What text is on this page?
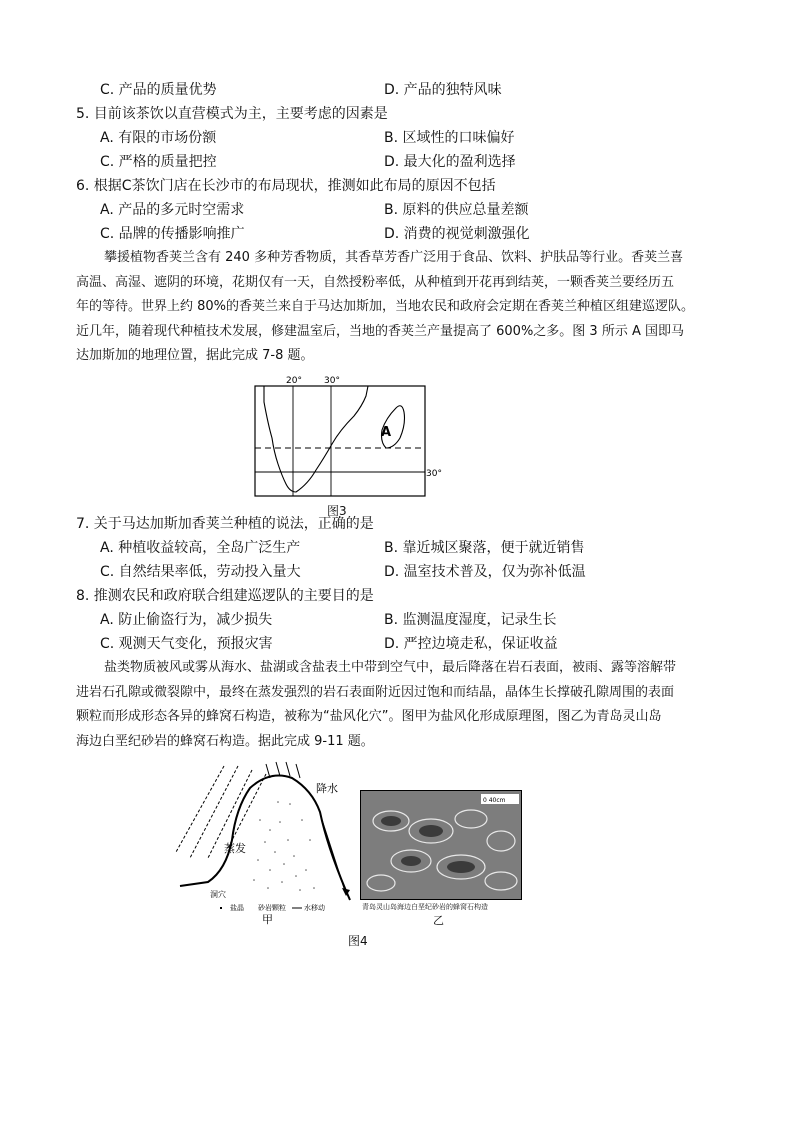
C. 产品的质量优势	D. 产品的独特风味
5. 目前该茶饮以直营模式为主，主要考虑的因素是
A. 有限的市场份额	B. 区域性的口味偏好
C. 严格的质量把控	D. 最大化的盈利选择
6. 根据C茶饮门店在长沙市的布局现状，推测如此布局的原因不包括
A. 产品的多元时空需求	B. 原料的供应总量差额
C. 品牌的传播影响推广	D. 消费的视觉刺激强化
攀援植物香荚兰含有 240 多种芳香物质，其香草芳香广泛用于食品、饮料、护肤品等行业。香荚兰喜
高温、高湿、遮阴的环境，花期仅有一天，自然授粉率低，从种植到开花再到结荚，一颗香荚兰要经历五
年的等待。世界上约 80%的香荚兰来自于马达加斯加，当地农民和政府会定期在香荚兰种植区组建巡逻队。
近几年，随着现代种植技术发展，修建温室后，当地的香荚兰产量提高了 600%之多。图 3 所示 A 国即马
达加斯加的地理位置，据此完成 7-8 题。
20° 30°
30°
A
图3
7. 关于马达加斯加香荚兰种植的说法，正确的是
A. 种植收益较高，全岛广泛生产	B. 靠近城区聚落，便于就近销售
C. 自然结果率低，劳动投入量大	D. 温室技术普及，仅为弥补低温
8. 推测农民和政府联合组建巡逻队的主要目的是
A. 防止偷盗行为，减少损失	B. 监测温度湿度，记录生长
C. 观测天气变化，预报灾害	D. 严控边境走私，保证收益
盐类物质被风或雾从海水、盐湖或含盐表土中带到空气中，最后降落在岩石表面，被雨、露等溶解带
进岩石孔隙或微裂隙中，最终在蒸发强烈的岩石表面附近因过饱和而结晶，晶体生长撑破孔隙周围的表面
颗粒而形成形态各异的蜂窝石构造，被称为“盐风化穴”。图甲为盐风化形成原理图，图乙为青岛灵山岛
海边白垩纪砂岩的蜂窝石构造。据此完成 9-11 题。
降水
蒸发
洞穴
盐晶 砂岩颗粒	水移动
甲
0 40cm
青岛灵山岛海边白垩纪砂岩的蜂窝石构造
乙
图4
